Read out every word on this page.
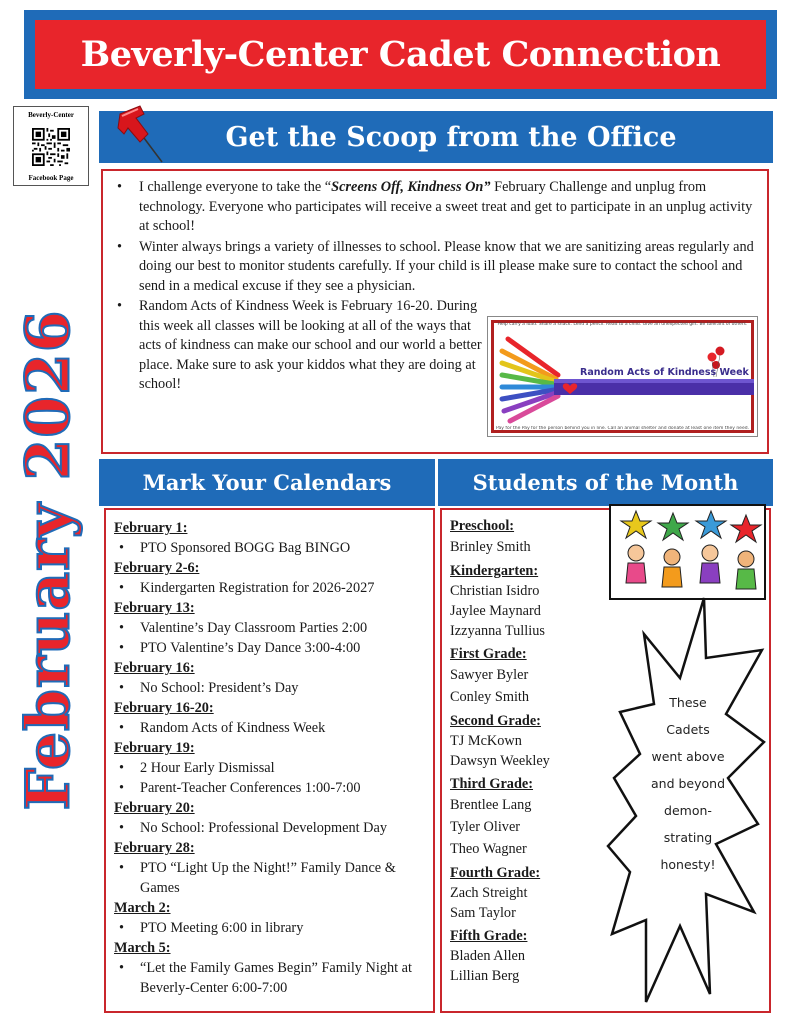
Beverly-Center Cadet Connection
Beverly-Center
Facebook Page
February 2026
Get the Scoop from the Office
• I challenge everyone to take the “Screens Off, Kindness On” February Challenge and unplug from technology. Everyone who participates will receive a sweet treat and get to participate in an unplug activity at school!
• Winter always brings a variety of illnesses to school. Please know that we are sanitizing areas regularly and doing our best to monitor students carefully. If your child is ill please make sure to contact the school and send in a medical excuse if they see a physician.
• Random Acts of Kindness Week is February 16-20. During this week all classes will be looking at all of the ways that acts of kindness can make our school and our world a better place. Make sure to ask your kiddos what they are doing at school!
Help carry a load. Share a snack. Lend a pencil. Read to a child. Give an unexpected gift. Be tolerant of others.
Random Acts of Kindness Week
Pay for the Pay for the person behind you in line. Call an animal shelter and donate at least one item they need.
Mark Your Calendars	Students of the Month
February 1:
• PTO Sponsored BOGG Bag BINGO
February 2-6:
• Kindergarten Registration for 2026-2027
February 13:
• Valentine’s Day Classroom Parties 2:00
• PTO Valentine’s Day Dance 3:00-4:00
February 16:
• No School: President’s Day
February 16-20:
• Random Acts of Kindness Week
February 19:
• 2 Hour Early Dismissal
• Parent-Teacher Conferences 1:00-7:00
February 20:
• No School: Professional Development Day
February 28:
• PTO “Light Up the Night!” Family Dance & Games
March 2:
• PTO Meeting 6:00 in library
March 5:
• “Let the Family Games Begin” Family Night at Beverly-Center 6:00-7:00
Preschool:
Brinley Smith
Kindergarten:
Christian Isidro
Jaylee Maynard
Izzyanna Tullius
First Grade:
Sawyer Byler
Conley Smith
Second Grade:
TJ McKown
Dawsyn Weekley
Third Grade:
Brentlee Lang
Tyler Oliver
Theo Wagner
Fourth Grade:
Zach Streight
Sam Taylor
Fifth Grade:
Bladen Allen
Lillian Berg
These
Cadets
went above
and beyond
demon-
strating
honesty!
